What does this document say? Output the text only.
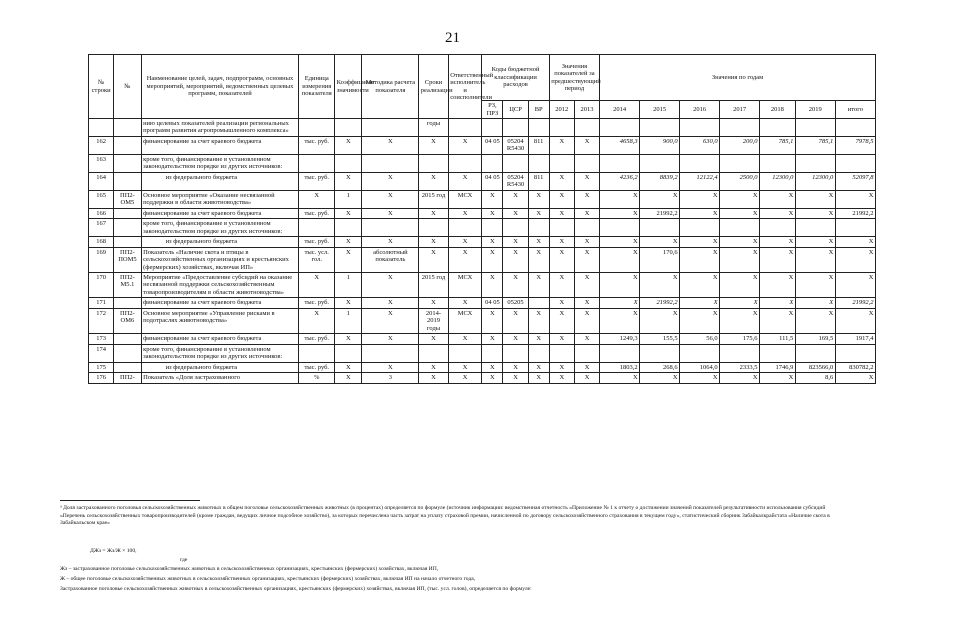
21
№ строки	№	Наименование целей, задач, подпрограмм, основных мероприятий, мероприятий, ведомственных целевых программ, показателей	Единица измерения показателя	Коэффициент значимости	Методика расчета показателя	Сроки реализации	Ответственный исполнитель и соисполнители	Коды бюджетной классификации расходов			Значения показателей за предшествующий период		Значения по годам						
								РЗ, ПРЗ	ЦСР	ВР	2012	2013	2014	2015	2016	2017	2018	2019	итого
		нию целевых показателей реализации региональных программ развития агропромышленного комплекса»				годы													
162		финансирование за счет краевого бюджета	тыс. руб.	X	X	X	X	04 05	05204 R5430	811	X	X	4658,3	900,0	630,0	200,0	785,1	785,1	7978,5
163		кроме того, финансирование в установленном законодательством порядке из других источников:																	
164		из федерального бюджета	тыс. руб.	X	X	X	X	04 05	05204 R5430	811	X	X	4236,2	8839,2	12122,4	2500,0	12300,0	12300,0	52097,8
165	ПП2-ОМ5	Основное мероприятие «Оказание несвязанной поддержки в области животноводства»	X	1	X	2015 год	МСХ	X	X	X	X	X	X	X	X	X	X	X	X
166		финансирование за счет краевого бюджета	тыс. руб.	X	X	X	X	X	X	X	X	X	X	21992,2	X	X	X	X	21992,2
167		кроме того, финансирование в установленном законодательством порядке из других источников:																	
168		из федерального бюджета	тыс. руб.	X	X	X	X	X	X	X	X	X	X	X	X	X	X	X	X
169	ПП2-ПОМ5	Показатель «Наличие скота и птицы в сельскохозяйственных организациях и крестьянских (фермерских) хозяйствах, включая ИП»	тыс. усл. гол.	X	абсолютный показатель	X	X	X	X	X	X	X	X	170,6	X	X	X	X	X
170	ПП2-М5.1	Мероприятие «Предоставление субсидий на оказание несвязанной поддержки сельскохозяйственным товаропроизводителям в области животноводства»	X	1	X	2015 год	МСХ	X	X	X	X	X	X	X	X	X	X	X	X
171		финансирование за счет краевого бюджета	тыс. руб.	X	X	X	X	04 05	05205		X	X	X	21992,2	X	X	X	X	21992,2
172	ПП2-ОМ6	Основное мероприятие «Управление рисками в подотраслях животноводства»	X	1	X	2014-2019 годы	МСХ	X	X	X	X	X	X	X	X	X	X	X	X
173		финансирование за счет краевого бюджета	тыс. руб.	X	X	X	X	X	X	X	X	X	1249,3	155,5	56,0	175,6	111,5	169,5	1917,4
174		кроме того, финансирование в установленном законодательством порядке из других источников:																	
175		из федерального бюджета	тыс. руб.	X	X	X	X	X	X	X	X	X	1803,2	268,6	1064,0	2333,5	1746,9	823566,0	830782,2
176	ПП2-	Показатель «Доля застрахованного	%	X	3	X	X	X	X	X	X	X	X	X	X	X	X	8,6	X
³ Доля застрахованного поголовья сельскохозяйственных животных в общем поголовье сельскохозяйственных животных (в процентах) определяется по формуле (источник информации: ведомственная отчетность «Приложение № 1 к отчету о достижении значений показателей результативности использования субсидий «Перечень сельскохозяйственных товаропроизводителей (кроме граждан, ведущих личное подсобное хозяйство), за которых перечислена часть затрат на уплату страховой премии, начисленной по договору сельскохозяйственного страхования в текущем году», статистический сборник Забайкалкрайстата «Наличие скота в Забайкальском крае»
ДЖз = Жз/Ж × 100,
где
Жз – застрахованное поголовье сельскохозяйственных животных в сельскохозяйственных организациях, крестьянских (фермерских) хозяйствах, включая ИП,
Ж – общее поголовье сельскохозяйственных животных в сельскохозяйственных организациях, крестьянских (фермерских) хозяйствах, включая ИП на начало отчетного года,
Застрахованное поголовье сельскохозяйственных животных в сельскохозяйственных организациях, крестьянских (фермерских) хозяйствах, включая ИП, (тыс. усл. голов), определяется по формуле:
